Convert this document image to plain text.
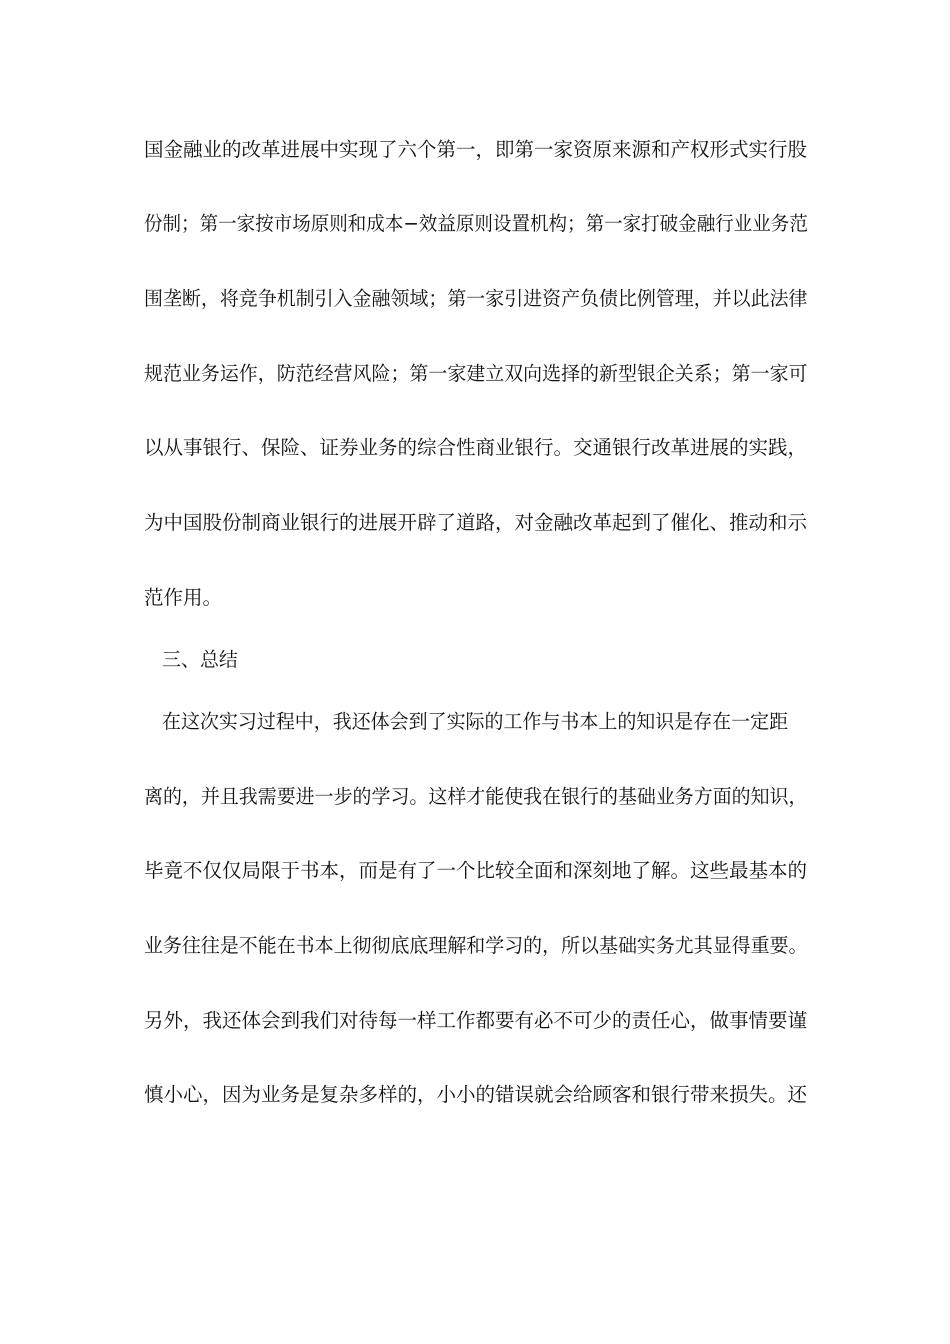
国金融业的改革进展中实现了六个第一，即第一家资原来源和产权形式实行股
份制；第一家按市场原则和成本−效益原则设置机构；第一家打破金融行业业务范
围垄断，将竞争机制引入金融领域；第一家引进资产负债比例管理，并以此法律
规范业务运作，防范经营风险；第一家建立双向选择的新型银企关系；第一家可
以从事银行、保险、证券业务的综合性商业银行。交通银行改革进展的实践，
为中国股份制商业银行的进展开辟了道路，对金融改革起到了催化、推动和示
范作用。
三、总结
在这次实习过程中，我还体会到了实际的工作与书本上的知识是存在一定距
离的，并且我需要进一步的学习。这样才能使我在银行的基础业务方面的知识，
毕竟不仅仅局限于书本，而是有了一个比较全面和深刻地了解。这些最基本的
业务往往是不能在书本上彻彻底底理解和学习的，所以基础实务尤其显得重要。
另外，我还体会到我们对待每一样工作都要有必不可少的责任心，做事情要谨
慎小心，因为业务是复杂多样的，小小的错误就会给顾客和银行带来损失。还
